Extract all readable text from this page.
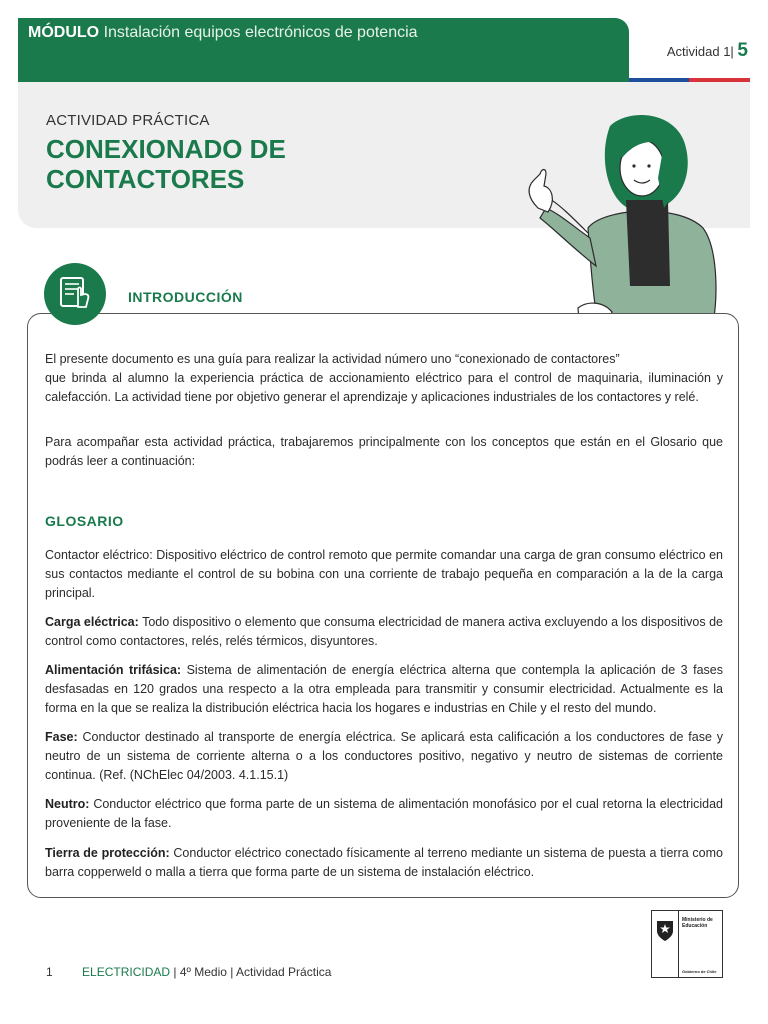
MÓDULO Instalación equipos electrónicos de potencia
Actividad 1| 5
ACTIVIDAD PRÁCTICA
CONEXIONADO DE
CONTACTORES
INTRODUCCIÓN

El presente documento es una guía para realizar la actividad número uno “conexionado de contactores”

que brinda al alumno la experiencia práctica de accionamiento eléctrico para el control de maquinaria, iluminación y calefacción. La actividad tiene por objetivo generar el aprendizaje y aplicaciones industriales de los contactores y relé.

Para acompañar esta actividad práctica, trabajaremos principalmente con los conceptos que están en el Glosario que podrás leer a continuación:

GLOSARIO

Contactor eléctrico: Dispositivo eléctrico de control remoto que permite comandar una carga de gran consumo eléctrico en sus contactos mediante el control de su bobina con una corriente de trabajo pequeña en comparación a la de la carga principal.

Carga eléctrica: Todo dispositivo o elemento que consuma electricidad de manera activa excluyendo a los dispositivos de control como contactores, relés, relés térmicos, disyuntores.

Alimentación trifásica: Sistema de alimentación de energía eléctrica alterna que contempla la aplicación de 3 fases desfasadas en 120 grados una respecto a la otra empleada para transmitir y consumir electricidad. Actualmente es la forma en la que se realiza la distribución eléctrica hacia los hogares e industrias en Chile y el resto del mundo.

Fase: Conductor destinado al transporte de energía eléctrica. Se aplicará esta calificación a los conductores de fase y neutro de un sistema de corriente alterna o a los conductores positivo, negativo y neutro de sistemas de corriente continua. (Ref. (NChElec 04/2003. 4.1.15.1)

Neutro: Conductor eléctrico que forma parte de un sistema de alimentación monofásico por el cual retorna la electricidad proveniente de la fase.

Tierra de protección: Conductor eléctrico conectado físicamente al terreno mediante un sistema de puesta a tierra como barra copperweld o malla a tierra que forma parte de un sistema de instalación eléctrico.

1 ELECTRICIDAD | 4º Medio | Actividad Práctica
Ministerio de Educación
Gobierno de Chile
